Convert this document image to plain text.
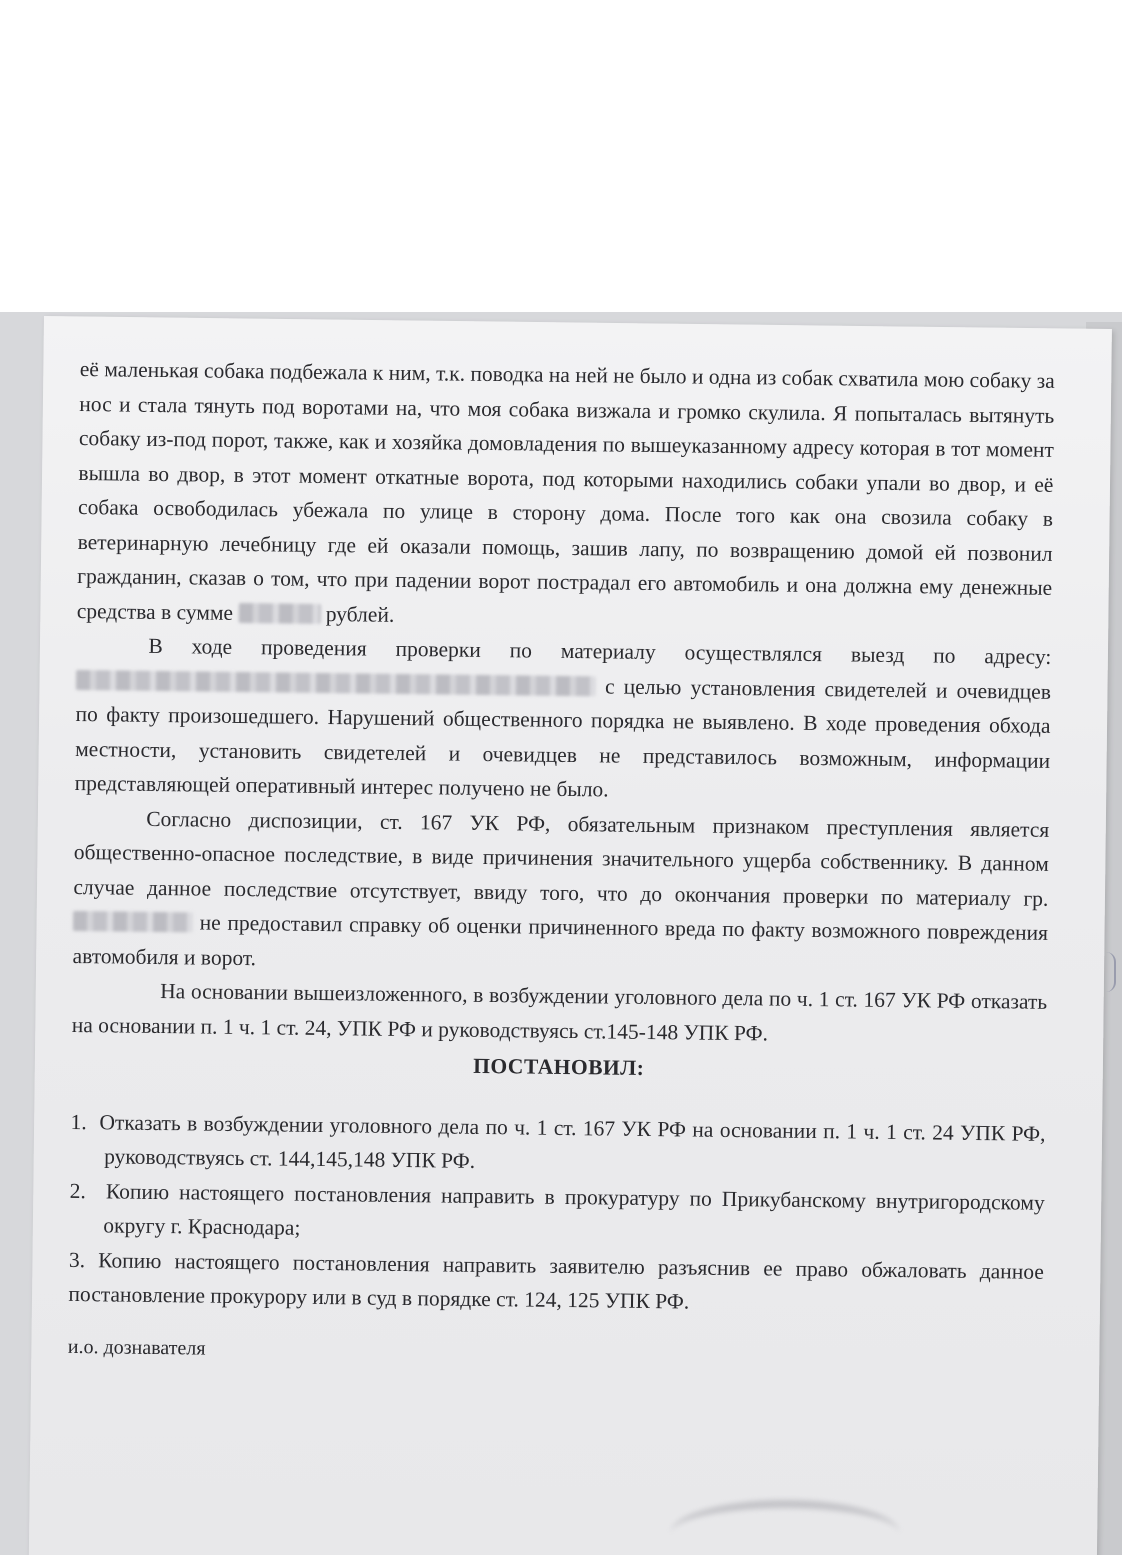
её маленькая собака подбежала к ним, т.к. поводка на ней не было и одна из собак схватила мою собаку за нос и стала тянуть под воротами на, что моя собака визжала и громко скулила. Я попыталась вытянуть собаку из-под порот, также, как и хозяйка домовладения по вышеуказанному адресу которая в тот момент вышла во двор, в этот момент откатные ворота, под которыми находились собаки упали во двор, и её собака освободилась убежала по улице в сторону дома. После того как она свозила собаку в ветеринарную лечебницу где ей оказали помощь, зашив лапу, по возвращению домой ей позвонил гражданин, сказав о том, что при падении ворот пострадал его автомобиль и она должна ему денежные средства в сумме	рублей.

В ходе проведения проверки по материалу осуществлялся выезд по адресу:  с целью установления свидетелей и очевидцев по факту произошедшего. Нарушений общественного порядка не выявлено. В ходе проведения обхода местности, установить свидетелей и очевидцев не представилось возможным, информации представляющей оперативный интерес получено не было.

Согласно диспозиции, ст. 167 УК РФ, обязательным признаком преступления является общественно-опасное последствие, в виде причинения значительного ущерба собственнику. В данном случае данное последствие отсутствует, ввиду того, что до окончания проверки по материалу гр.  не предоставил справку об оценки причиненного вреда по факту возможного повреждения автомобиля и ворот.

На основании вышеизложенного, в возбуждении уголовного дела по ч. 1 ст. 167 УК РФ отказать на основании п. 1 ч. 1 ст. 24, УПК РФ и руководствуясь ст.145-148 УПК РФ.

ПОСТАНОВИЛ:

1. Отказать в возбуждении уголовного дела по ч. 1 ст. 167 УК РФ на основании п. 1 ч. 1 ст. 24 УПК РФ, руководствуясь ст. 144,145,148 УПК РФ.

2. Копию настоящего постановления направить в прокуратуру по Прикубанскому внутригородскому округу г. Краснодара;

3. Копию настоящего постановления направить заявителю разъяснив ее право обжаловать данное постановление прокурору или в суд в порядке ст. 124, 125 УПК РФ.

и.о. дознавателя
